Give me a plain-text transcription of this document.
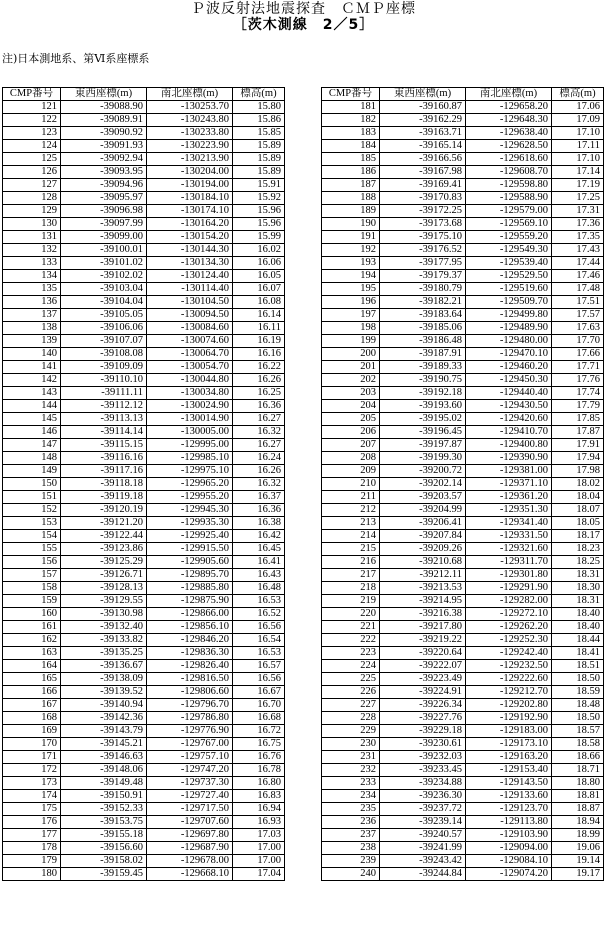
Ｐ波反射法地震探査　ＣＭＰ座標
［茨木測線　2／5］
注)日本測地系、第Ⅵ系座標系
CMP番号	東西座標(m)	南北座標(m)	標高(m)
121	-39088.90	-130253.70	15.80
122	-39089.91	-130243.80	15.86
123	-39090.92	-130233.80	15.85
124	-39091.93	-130223.90	15.89
125	-39092.94	-130213.90	15.89
126	-39093.95	-130204.00	15.89
127	-39094.96	-130194.00	15.91
128	-39095.97	-130184.10	15.92
129	-39096.98	-130174.10	15.96
130	-39097.99	-130164.20	15.96
131	-39099.00	-130154.20	15.99
132	-39100.01	-130144.30	16.02
133	-39101.02	-130134.30	16.06
134	-39102.02	-130124.40	16.05
135	-39103.04	-130114.40	16.07
136	-39104.04	-130104.50	16.08
137	-39105.05	-130094.50	16.14
138	-39106.06	-130084.60	16.11
139	-39107.07	-130074.60	16.19
140	-39108.08	-130064.70	16.16
141	-39109.09	-130054.70	16.22
142	-39110.10	-130044.80	16.26
143	-39111.11	-130034.80	16.25
144	-39112.12	-130024.90	16.36
145	-39113.13	-130014.90	16.27
146	-39114.14	-130005.00	16.32
147	-39115.15	-129995.00	16.27
148	-39116.16	-129985.10	16.24
149	-39117.16	-129975.10	16.26
150	-39118.18	-129965.20	16.32
151	-39119.18	-129955.20	16.37
152	-39120.19	-129945.30	16.36
153	-39121.20	-129935.30	16.38
154	-39122.44	-129925.40	16.42
155	-39123.86	-129915.50	16.45
156	-39125.29	-129905.60	16.41
157	-39126.71	-129895.70	16.43
158	-39128.13	-129885.80	16.48
159	-39129.55	-129875.90	16.53
160	-39130.98	-129866.00	16.52
161	-39132.40	-129856.10	16.56
162	-39133.82	-129846.20	16.54
163	-39135.25	-129836.30	16.53
164	-39136.67	-129826.40	16.57
165	-39138.09	-129816.50	16.56
166	-39139.52	-129806.60	16.67
167	-39140.94	-129796.70	16.70
168	-39142.36	-129786.80	16.68
169	-39143.79	-129776.90	16.72
170	-39145.21	-129767.00	16.75
171	-39146.63	-129757.10	16.76
172	-39148.06	-129747.20	16.78
173	-39149.48	-129737.30	16.80
174	-39150.91	-129727.40	16.83
175	-39152.33	-129717.50	16.94
176	-39153.75	-129707.60	16.93
177	-39155.18	-129697.80	17.03
178	-39156.60	-129687.90	17.00
179	-39158.02	-129678.00	17.00
180	-39159.45	-129668.10	17.04
CMP番号	東西座標(m)	南北座標(m)	標高(m)
181	-39160.87	-129658.20	17.06
182	-39162.29	-129648.30	17.09
183	-39163.71	-129638.40	17.10
184	-39165.14	-129628.50	17.11
185	-39166.56	-129618.60	17.10
186	-39167.98	-129608.70	17.14
187	-39169.41	-129598.80	17.19
188	-39170.83	-129588.90	17.25
189	-39172.25	-129579.00	17.31
190	-39173.68	-129569.10	17.36
191	-39175.10	-129559.20	17.35
192	-39176.52	-129549.30	17.43
193	-39177.95	-129539.40	17.44
194	-39179.37	-129529.50	17.46
195	-39180.79	-129519.60	17.48
196	-39182.21	-129509.70	17.51
197	-39183.64	-129499.80	17.57
198	-39185.06	-129489.90	17.63
199	-39186.48	-129480.00	17.70
200	-39187.91	-129470.10	17.66
201	-39189.33	-129460.20	17.71
202	-39190.75	-129450.30	17.76
203	-39192.18	-129440.40	17.74
204	-39193.60	-129430.50	17.79
205	-39195.02	-129420.60	17.85
206	-39196.45	-129410.70	17.87
207	-39197.87	-129400.80	17.91
208	-39199.30	-129390.90	17.94
209	-39200.72	-129381.00	17.98
210	-39202.14	-129371.10	18.02
211	-39203.57	-129361.20	18.04
212	-39204.99	-129351.30	18.07
213	-39206.41	-129341.40	18.05
214	-39207.84	-129331.50	18.17
215	-39209.26	-129321.60	18.23
216	-39210.68	-129311.70	18.25
217	-39212.11	-129301.80	18.31
218	-39213.53	-129291.90	18.30
219	-39214.95	-129282.00	18.31
220	-39216.38	-129272.10	18.40
221	-39217.80	-129262.20	18.40
222	-39219.22	-129252.30	18.44
223	-39220.64	-129242.40	18.41
224	-39222.07	-129232.50	18.51
225	-39223.49	-129222.60	18.50
226	-39224.91	-129212.70	18.59
227	-39226.34	-129202.80	18.48
228	-39227.76	-129192.90	18.50
229	-39229.18	-129183.00	18.57
230	-39230.61	-129173.10	18.58
231	-39232.03	-129163.20	18.66
232	-39233.45	-129153.40	18.71
233	-39234.88	-129143.50	18.80
234	-39236.30	-129133.60	18.81
235	-39237.72	-129123.70	18.87
236	-39239.14	-129113.80	18.94
237	-39240.57	-129103.90	18.99
238	-39241.99	-129094.00	19.06
239	-39243.42	-129084.10	19.14
240	-39244.84	-129074.20	19.17
